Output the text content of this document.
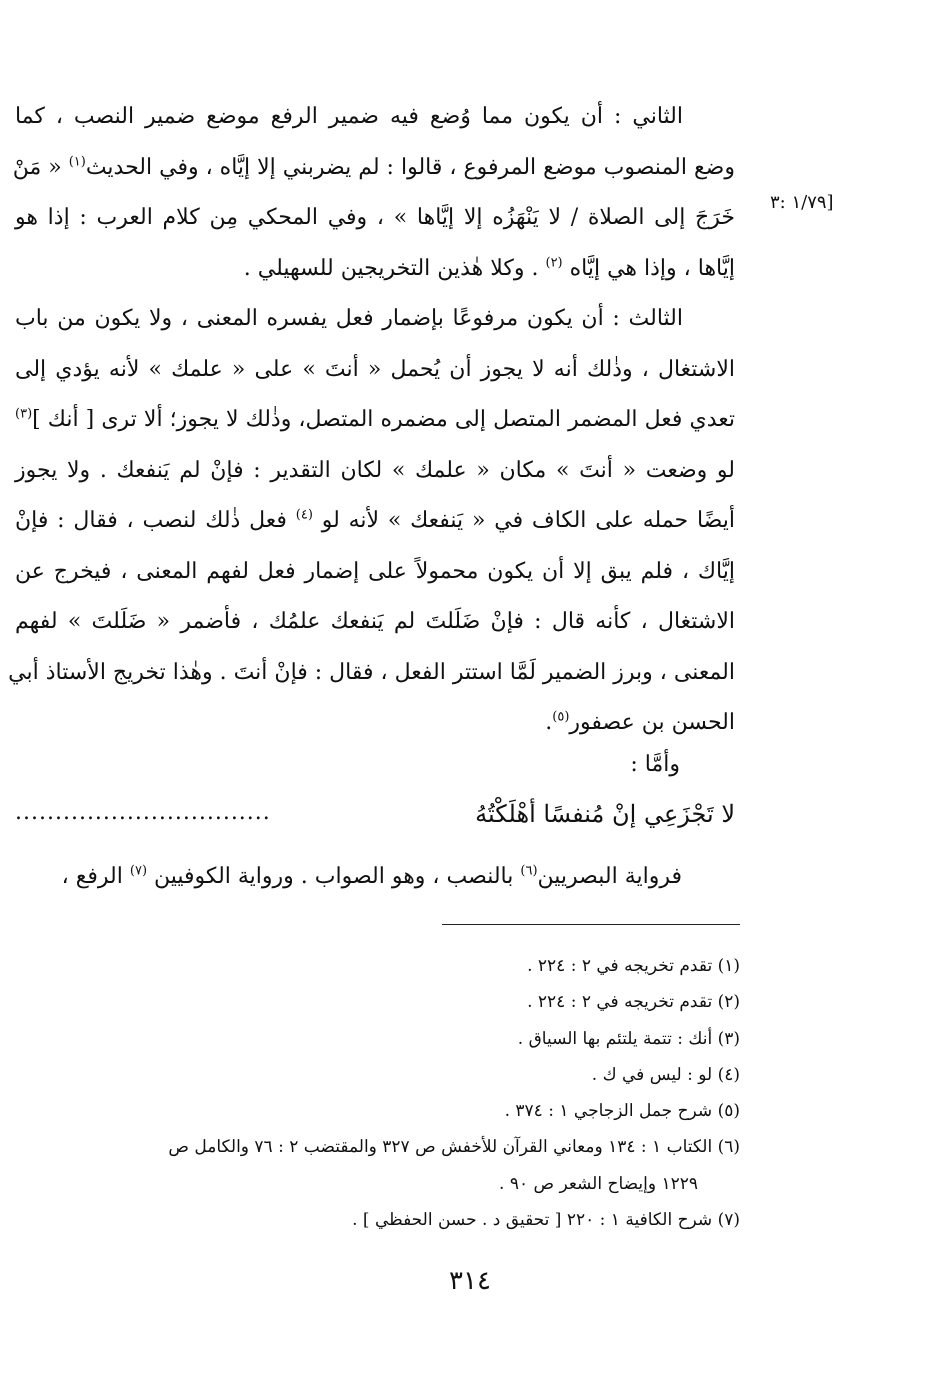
١/٧٩ :٣]
الثاني : أن يكون مما وُضع فيه ضمير الرفع موضع ضمير النصب ، كما
وضع المنصوب موضع المرفوع ، قالوا : لم يضربني إلا إيَّاه ، وفي الحديث$^{(١)}$ « مَنْ
خَرَجَ إلى الصلاة / لا يَنْهَزُه إلا إيَّاها » ، وفي المحكي مِن كلام العرب : إذا هو
إيَّاها ، وإذا هي إيَّاه $^{(٢)}$ . وكلا هٰذين التخريجين للسهيلي .
الثالث : أن يكون مرفوعًا بإضمار فعل يفسره المعنى ، ولا يكون من باب
الاشتغال ، وذٰلك أنه لا يجوز أن يُحمل « أنتَ » على « علمك » لأنه يؤدي إلى
تعدي فعل المضمر المتصل إلى مضمره المتصل، وذٰلك لا يجوز؛ ألا ترى [ أنك ]$^{(٣)}$
لو وضعت « أنتَ » مكان « علمك » لكان التقدير : فإنْ لم يَنفعك . ولا يجوز
أيضًا حمله على الكاف في « يَنفعك » لأنه لو $^{(٤)}$ فعل ذٰلك لنصب ، فقال : فإنْ
إيَّاك ، فلم يبق إلا أن يكون محمولاً على إضمار فعل لفهم المعنى ، فيخرج عن
الاشتغال ، كأنه قال : فإنْ ضَلَلتَ لم يَنفعك علمُك ، فأضمر « ضَلَلتَ » لفهم
المعنى ، وبرز الضمير لَمَّا استتر الفعل ، فقال : فإنْ أنتَ . وهٰذا تخريج الأستاذ أبي
الحسن بن عصفور$^{(٥)}$.
وأمَّا :
لا تَجْزَعِي إنْ مُنفسًا أهْلَكْتُهُ
................................
فرواية البصريين$^{(٦)}$ بالنصب ، وهو الصواب . ورواية الكوفيين $^{(٧)}$ الرفع ،
(١) تقدم تخريجه في ٢ : ٢٢٤ .
(٢) تقدم تخريجه في ٢ : ٢٢٤ .
(٣) أنك : تتمة يلتئم بها السياق .
(٤) لو : ليس في ك .
(٥) شرح جمل الزجاجي ١ : ٣٧٤ .
(٦) الكتاب ١ : ١٣٤ ومعاني القرآن للأخفش ص ٣٢٧ والمقتضب ٢ : ٧٦ والكامل ص
١٢٢٩ وإيضاح الشعر ص ٩٠ .
(٧) شرح الكافية ١ : ٢٢٠ [ تحقيق د . حسن الحفظي ] .
٣١٤
